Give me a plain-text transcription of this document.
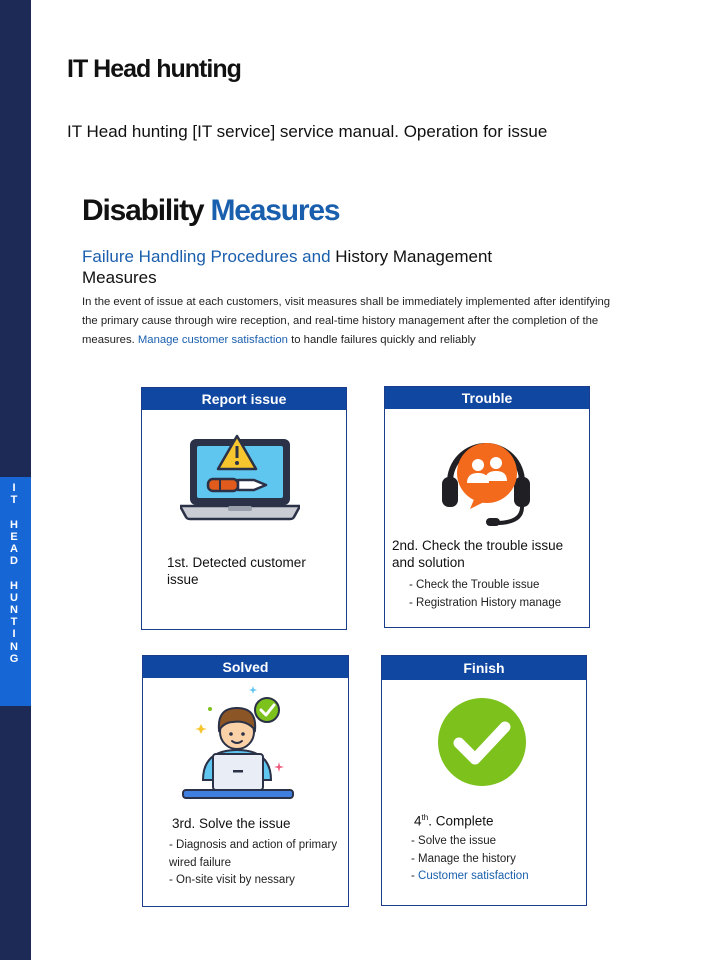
I
T

H
E
A
D

H
U
N
T
I
N
G
IT Head hunting

IT Head hunting [IT service] service manual. Operation for issue

Disability Measures

Failure Handling Procedures and History Management Measures

In the event of issue at each customers, visit measures shall be immediately implemented after identifying the primary cause through wire reception, and real-time history management after the completion of the measures. Manage customer satisfaction to handle failures quickly and reliably

Report issue
1st. Detected customer issue
Trouble
2nd. Check the trouble issue and solution
- Check the Trouble issue
- Registration History manage
Solved
3rd. Solve the issue
- Diagnosis and action of primary wired failure
- On-site visit by nessary
Finish
4th. Complete
- Solve the issue
- Manage the history
- Customer satisfaction
